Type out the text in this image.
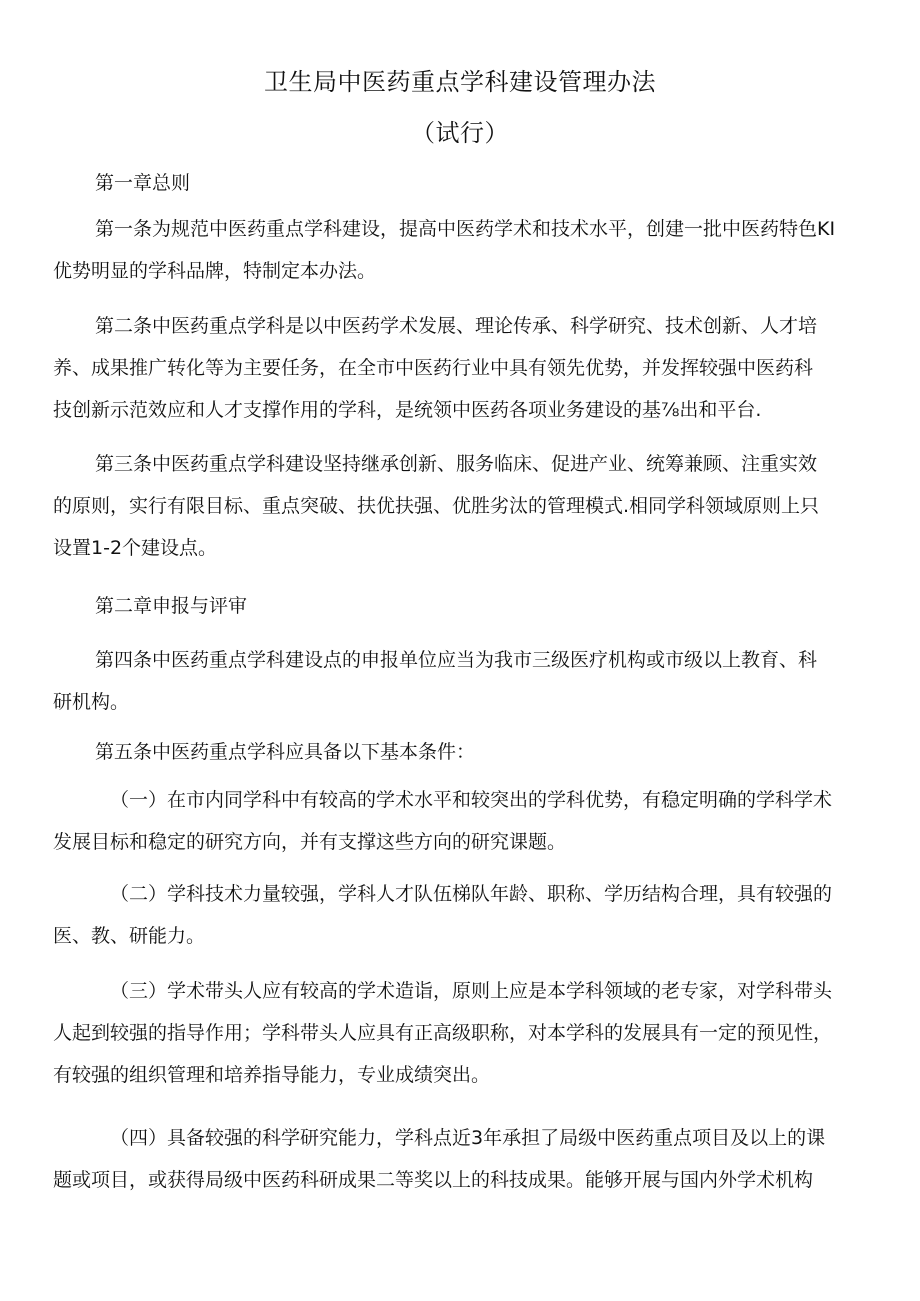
卫生局中医药重点学科建设管理办法
（试行）
第一章总则
第一条为规范中医药重点学科建设，提高中医药学术和技术水平，创建一批中医药特色KI
优势明显的学科品牌，特制定本办法。
第二条中医药重点学科是以中医药学术发展、理论传承、科学研究、技术创新、人才培
养、成果推广转化等为主要任务，在全市中医药行业中具有领先优势，并发挥较强中医药科
技创新示范效应和人才支撑作用的学科，是统领中医药各项业务建设的基⅞出和平台.
第三条中医药重点学科建设坚持继承创新、服务临床、促进产业、统筹兼顾、注重实效
的原则，实行有限目标、重点突破、扶优扶强、优胜劣汰的管理模式.相同学科领域原则上只
设置1-2个建设点。
第二章申报与评审
第四条中医药重点学科建设点的申报单位应当为我市三级医疗机构或市级以上教育、科
研机构。
第五条中医药重点学科应具备以下基本条件：
（一）在市内同学科中有较高的学术水平和较突出的学科优势，有稳定明确的学科学术
发展目标和稳定的研究方向，并有支撑这些方向的研究课题。
（二）学科技术力量较强，学科人才队伍梯队年龄、职称、学历结构合理，具有较强的
医、教、研能力。
（三）学术带头人应有较高的学术造诣，原则上应是本学科领域的老专家，对学科带头
人起到较强的指导作用；学科带头人应具有正高级职称，对本学科的发展具有一定的预见性，
有较强的组织管理和培养指导能力，专业成绩突出。
（四）具备较强的科学研究能力，学科点近3年承担了局级中医药重点项目及以上的课
题或项目，或获得局级中医药科研成果二等奖以上的科技成果。能够开展与国内外学术机构
